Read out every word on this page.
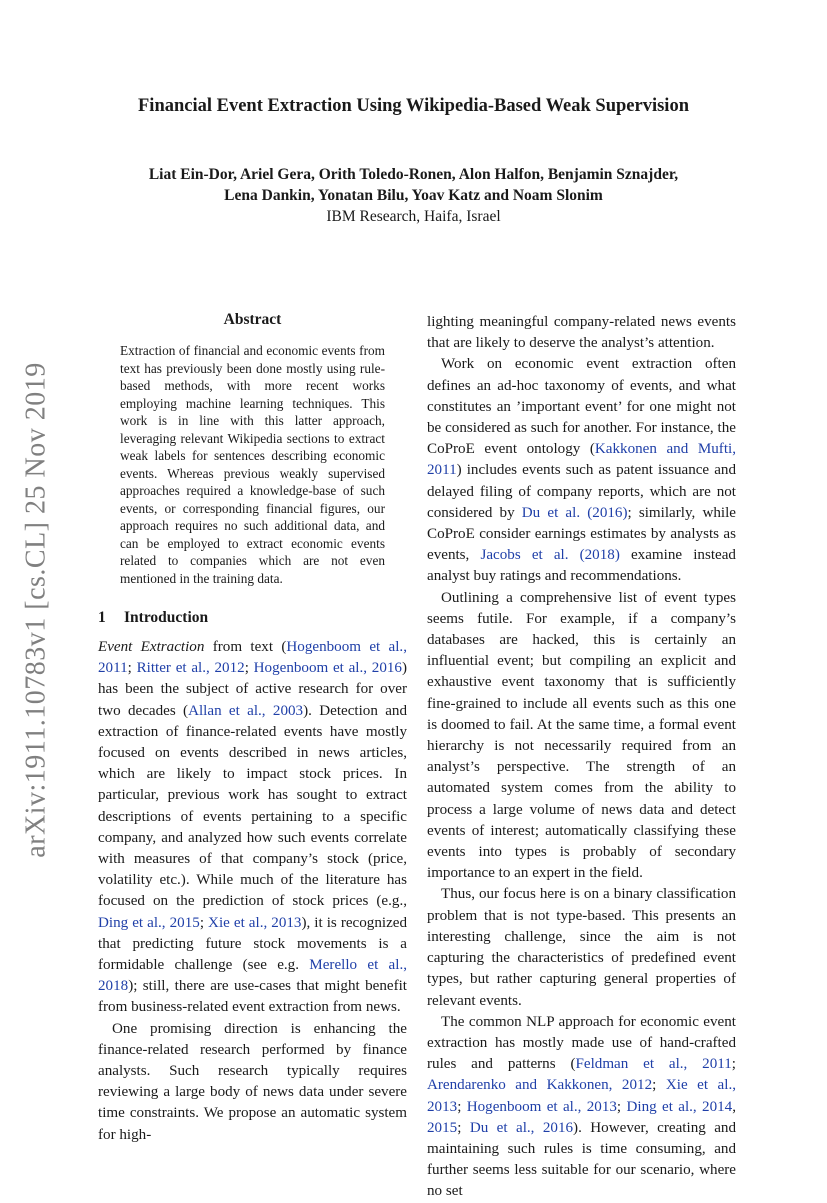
arXiv:1911.10783v1 [cs.CL] 25 Nov 2019
Financial Event Extraction Using Wikipedia-Based Weak Supervision
Liat Ein-Dor, Ariel Gera, Orith Toledo-Ronen, Alon Halfon, Benjamin Sznajder,
Lena Dankin, Yonatan Bilu, Yoav Katz and Noam Slonim
IBM Research, Haifa, Israel
Abstract
Extraction of financial and economic events from text has previously been done mostly using rule-based methods, with more recent works employing machine learning techniques. This work is in line with this latter approach, leveraging relevant Wikipedia sections to extract weak labels for sentences describing economic events. Whereas previous weakly supervised approaches required a knowledge-base of such events, or corresponding financial figures, our approach requires no such additional data, and can be employed to extract economic events related to companies which are not even mentioned in the training data.
1 Introduction

Event Extraction from text (Hogenboom et al., 2011; Ritter et al., 2012; Hogenboom et al., 2016) has been the subject of active research for over two decades (Allan et al., 2003). Detection and extraction of finance-related events have mostly focused on events described in news articles, which are likely to impact stock prices. In particular, previous work has sought to extract descriptions of events pertaining to a specific company, and analyzed how such events correlate with measures of that company’s stock (price, volatility etc.). While much of the literature has focused on the prediction of stock prices (e.g., Ding et al., 2015; Xie et al., 2013), it is recognized that predicting future stock movements is a formidable challenge (see e.g. Merello et al., 2018); still, there are use-cases that might benefit from business-related event extraction from news.

One promising direction is enhancing the finance-related research performed by finance analysts. Such research typically requires reviewing a large body of news data under severe time constraints. We propose an automatic system for high-

lighting meaningful company-related news events that are likely to deserve the analyst’s attention.

Work on economic event extraction often defines an ad-hoc taxonomy of events, and what constitutes an ’important event’ for one might not be considered as such for another. For instance, the CoProE event ontology (Kakkonen and Mufti, 2011) includes events such as patent issuance and delayed filing of company reports, which are not considered by Du et al. (2016); similarly, while CoProE consider earnings estimates by analysts as events, Jacobs et al. (2018) examine instead analyst buy ratings and recommendations.

Outlining a comprehensive list of event types seems futile. For example, if a company’s databases are hacked, this is certainly an influential event; but compiling an explicit and exhaustive event taxonomy that is sufficiently fine-grained to include all events such as this one is doomed to fail. At the same time, a formal event hierarchy is not necessarily required from an analyst’s perspective. The strength of an automated system comes from the ability to process a large volume of news data and detect events of interest; automatically classifying these events into types is probably of secondary importance to an expert in the field.

Thus, our focus here is on a binary classification problem that is not type-based. This presents an interesting challenge, since the aim is not capturing the characteristics of predefined event types, but rather capturing general properties of relevant events.

The common NLP approach for economic event extraction has mostly made use of hand-crafted rules and patterns (Feldman et al., 2011; Arendarenko and Kakkonen, 2012; Xie et al., 2013; Hogenboom et al., 2013; Ding et al., 2014, 2015; Du et al., 2016). However, creating and maintaining such rules is time consuming, and further seems less suitable for our scenario, where no set
